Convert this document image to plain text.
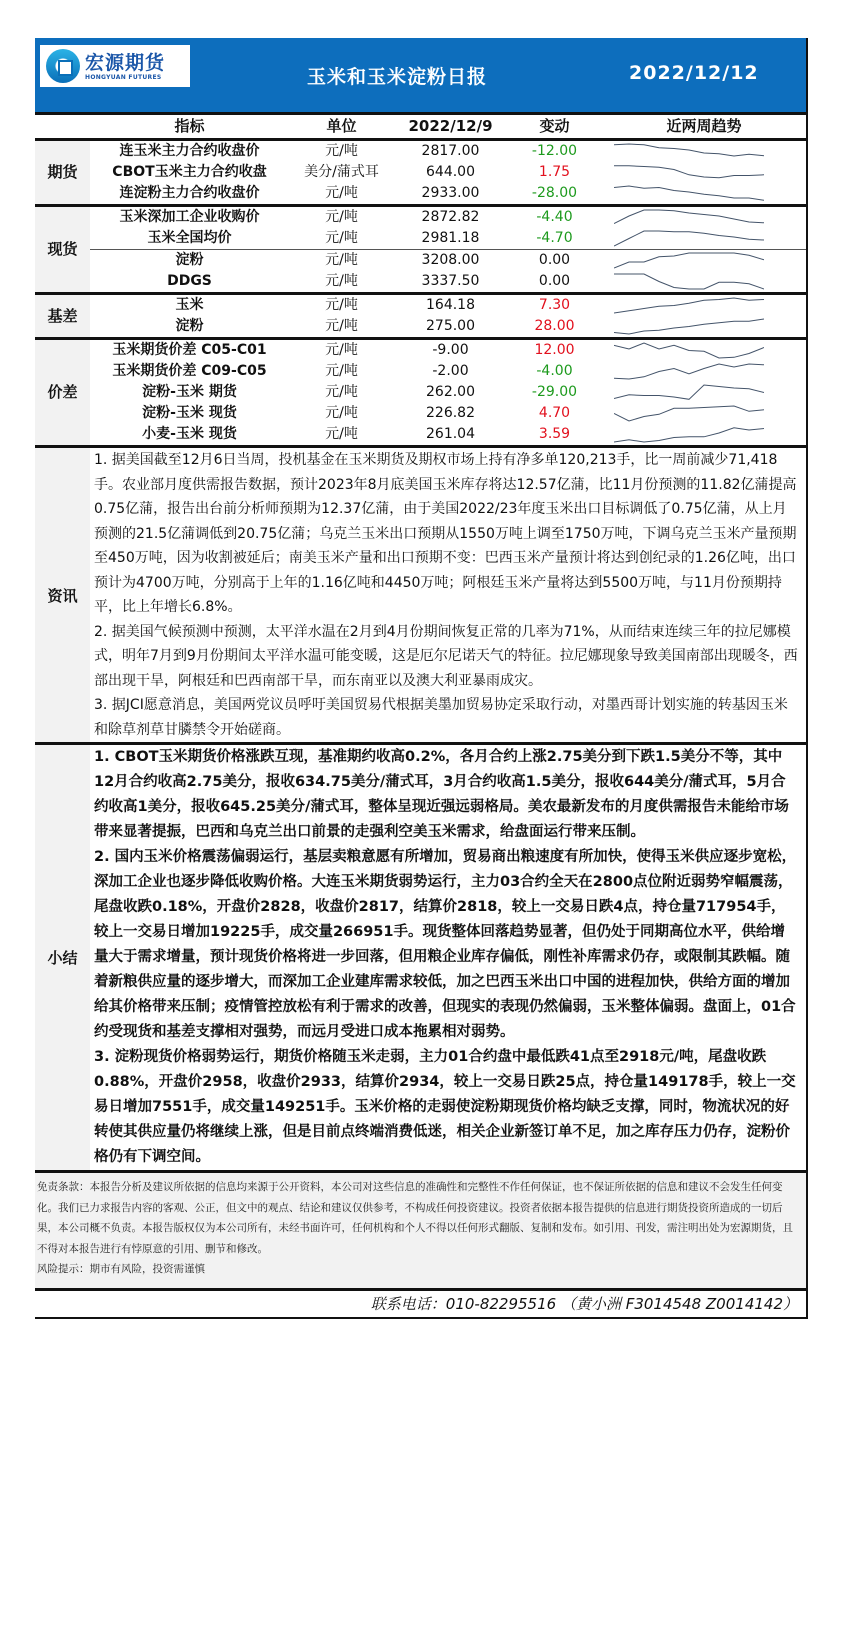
宏源期货
HONGYUAN FUTURES	玉米和玉米淀粉日报	2022/12/12
	指标	单位	2022/12/9	变动	近两周趋势
期货	连玉米主力合约收盘价	元/吨	2817.00	-12.00	

	CBOT玉米主力合约收盘	美分/蒲式耳	644.00	1.75	

	连淀粉主力合约收盘价	元/吨	2933.00	-28.00	

现货	玉米深加工企业收购价	元/吨	2872.82	-4.40	

	玉米全国均价	元/吨	2981.18	-4.70	

	淀粉	元/吨	3208.00	0.00	

	DDGS	元/吨	3337.50	0.00	

基差	玉米	元/吨	164.18	7.30	

	淀粉	元/吨	275.00	28.00	

价差	玉米期货价差 C05-C01	元/吨	-9.00	12.00	

	玉米期货价差 C09-C05	元/吨	-2.00	-4.00	

	淀粉-玉米 期货	元/吨	262.00	-29.00	

	淀粉-玉米 现货	元/吨	226.82	4.70	

	小麦-玉米 现货	元/吨	261.04	3.59	
资讯

1. 据美国截至12月6日当周，投机基金在玉米期货及期权市场上持有净多单120,213手，比一周前减少71,418手。农业部月度供需报告数据，预计2023年8月底美国玉米库存将达12.57亿蒲，比11月份预测的11.82亿蒲提高0.75亿蒲，报告出台前分析师预期为12.37亿蒲，由于美国2022/23年度玉米出口目标调低了0.75亿蒲，从上月预测的21.5亿蒲调低到20.75亿蒲；乌克兰玉米出口预期从1550万吨上调至1750万吨，下调乌克兰玉米产量预期至450万吨，因为收割被延后；南美玉米产量和出口预期不变：巴西玉米产量预计将达到创纪录的1.26亿吨，出口预计为4700万吨，分别高于上年的1.16亿吨和4450万吨；阿根廷玉米产量将达到5500万吨，与11月份预期持平，比上年增长6.8%。

2. 据美国气候预测中预测，太平洋水温在2月到4月份期间恢复正常的几率为71%，从而结束连续三年的拉尼娜模式，明年7月到9月份期间太平洋水温可能变暖，这是厄尔尼诺天气的特征。拉尼娜现象导致美国南部出现暖冬，西部出现干旱，阿根廷和巴西南部干旱，而东南亚以及澳大利亚暴雨成灾。

3. 据JCI愿意消息，美国两党议员呼吁美国贸易代根据美墨加贸易协定采取行动，对墨西哥计划实施的转基因玉米和除草剂草甘膦禁令开始磋商。

小结

1. CBOT玉米期货价格涨跌互现，基准期约收高0.2%，各月合约上涨2.75美分到下跌1.5美分不等，其中12月合约收高2.75美分，报收634.75美分/蒲式耳，3月合约收高1.5美分，报收644美分/蒲式耳，5月合约收高1美分，报收645.25美分/蒲式耳，整体呈现近强远弱格局。美农最新发布的月度供需报告未能给市场带来显著提振，巴西和乌克兰出口前景的走强利空美玉米需求，给盘面运行带来压制。

2. 国内玉米价格震荡偏弱运行，基层卖粮意愿有所增加，贸易商出粮速度有所加快，使得玉米供应逐步宽松，深加工企业也逐步降低收购价格。大连玉米期货弱势运行，主力03合约全天在2800点位附近弱势窄幅震荡，尾盘收跌0.18%，开盘价2828，收盘价2817，结算价2818，较上一交易日跌4点，持仓量717954手，较上一交易日增加19225手，成交量266951手。现货整体回落趋势显著，但仍处于同期高位水平，供给增量大于需求增量，预计现货价格将进一步回落，但用粮企业库存偏低，刚性补库需求仍存，或限制其跌幅。随着新粮供应量的逐步增大，而深加工企业建库需求较低，加之巴西玉米出口中国的进程加快，供给方面的增加给其价格带来压制；疫情管控放松有利于需求的改善，但现实的表现仍然偏弱，玉米整体偏弱。盘面上，01合约受现货和基差支撑相对强势，而远月受进口成本拖累相对弱势。

3. 淀粉现货价格弱势运行，期货价格随玉米走弱，主力01合约盘中最低跌41点至2918元/吨，尾盘收跌0.88%，开盘价2958，收盘价2933，结算价2934，较上一交易日跌25点，持仓量149178手，较上一交易日增加7551手，成交量149251手。玉米价格的走弱使淀粉期现货价格均缺乏支撑，同时，物流状况的好转使其供应量仍将继续上涨，但是目前点终端消费低迷，相关企业新签订单不足，加之库存压力仍存，淀粉价格仍有下调空间。

免责条款：本报告分析及建议所依据的信息均来源于公开资料，本公司对这些信息的准确性和完整性不作任何保证，也不保证所依据的信息和建议不会发生任何变化。我们已力求报告内容的客观、公正，但文中的观点、结论和建议仅供参考，不构成任何投资建议。投资者依据本报告提供的信息进行期货投资所造成的一切后果，本公司概不负责。本报告版权仅为本公司所有，未经书面许可，任何机构和个人不得以任何形式翻版、复制和发布。如引用、刊发，需注明出处为宏源期货，且不得对本报告进行有悖原意的引用、删节和修改。

风险提示：期市有风险，投资需谨慎

联系电话：010-82295516 （黄小洲 F3014548 Z0014142）
